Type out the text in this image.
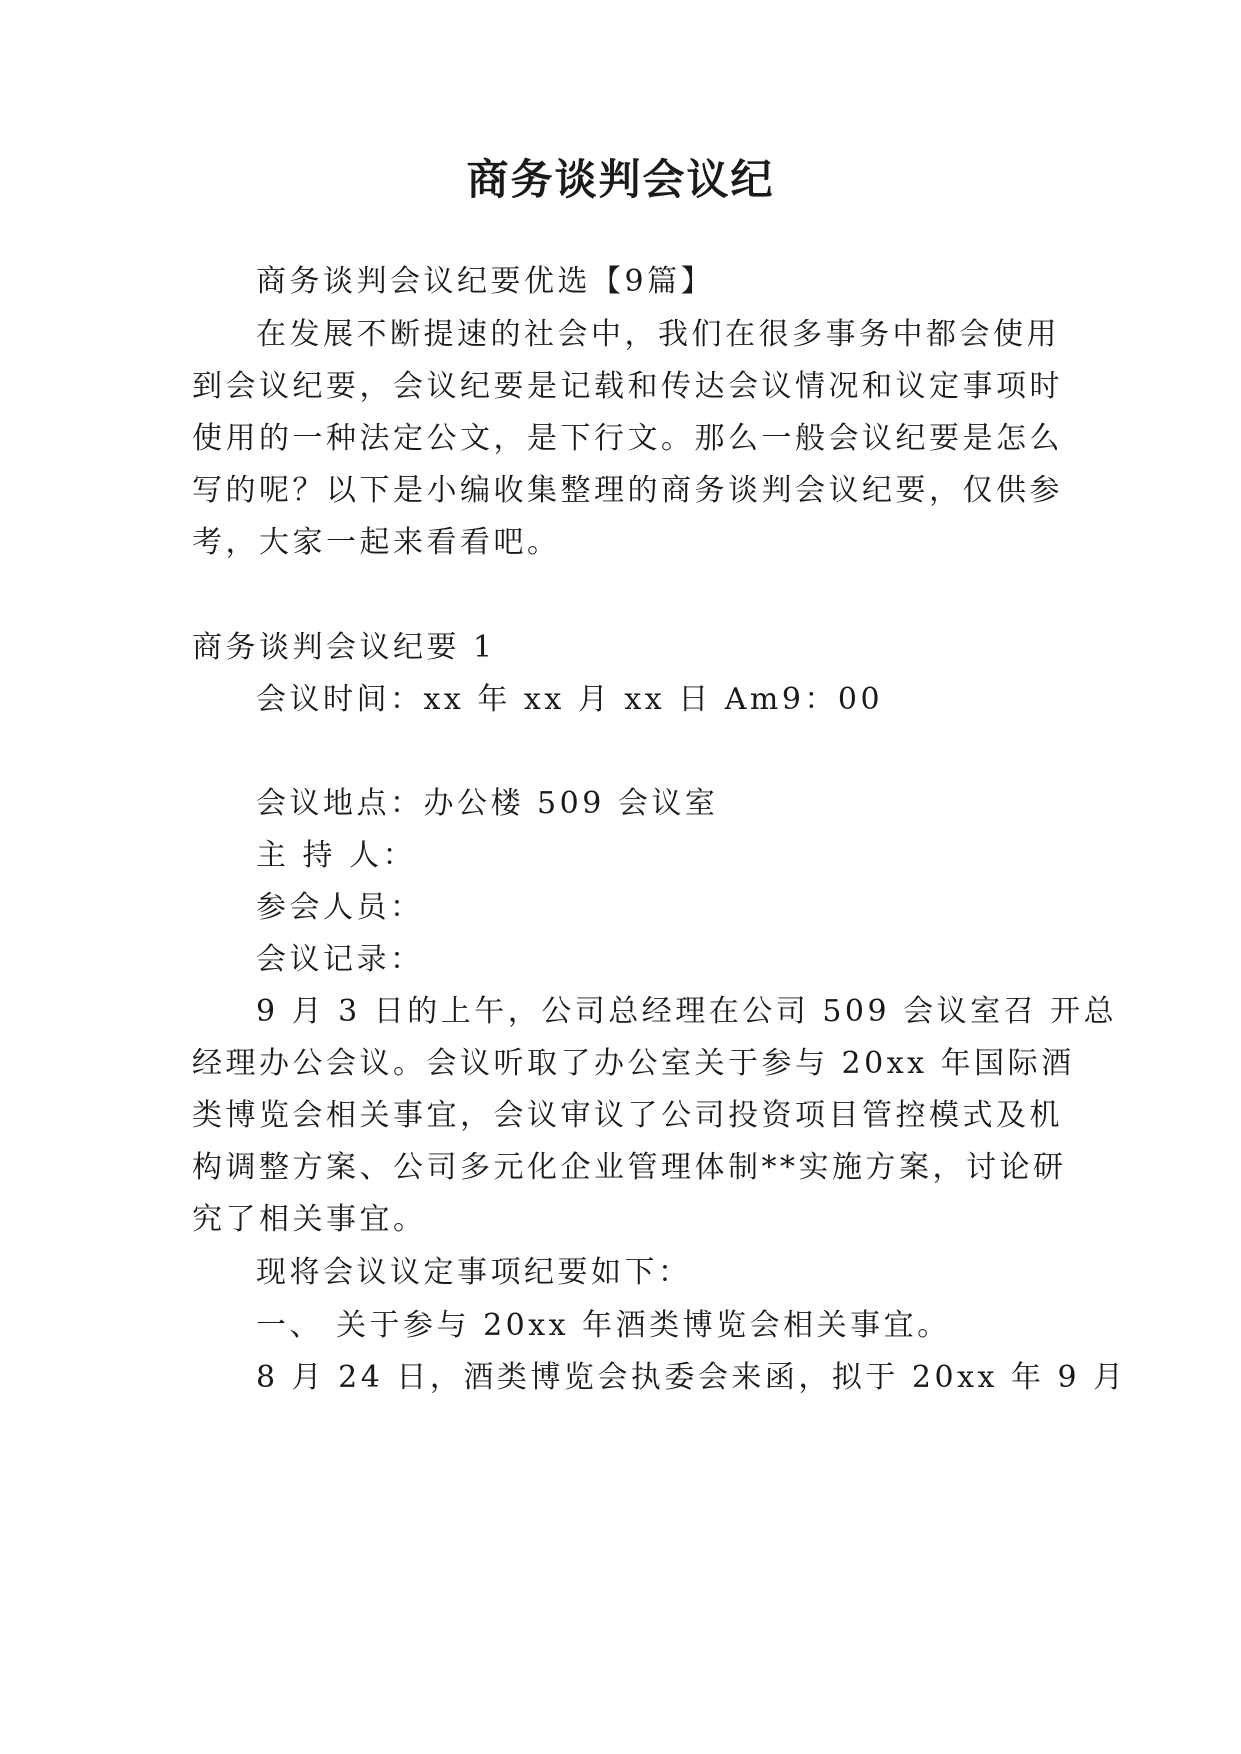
商务谈判会议纪
商务谈判会议纪要优选【9篇】
在发展不断提速的社会中，我们在很多事务中都会使用
到会议纪要，会议纪要是记载和传达会议情况和议定事项时
使用的一种法定公文，是下行文。那么一般会议纪要是怎么
写的呢？以下是小编收集整理的商务谈判会议纪要，仅供参
考，大家一起来看看吧。
商务谈判会议纪要 1
会议时间：xx 年 xx 月 xx 日 Am9：00
会议地点：办公楼 509 会议室
主 持 人：
参会人员：
会议记录：
9 月 3 日的上午，公司总经理在公司 509 会议室召 开总
经理办公会议。会议听取了办公室关于参与 20xx 年国际酒
类博览会相关事宜，会议审议了公司投资项目管控模式及机
构调整方案、公司多元化企业管理体制**实施方案，讨论研
究了相关事宜。
现将会议议定事项纪要如下：
一、 关于参与 20xx 年酒类博览会相关事宜。
8 月 24 日，酒类博览会执委会来函，拟于 20xx 年 9 月
